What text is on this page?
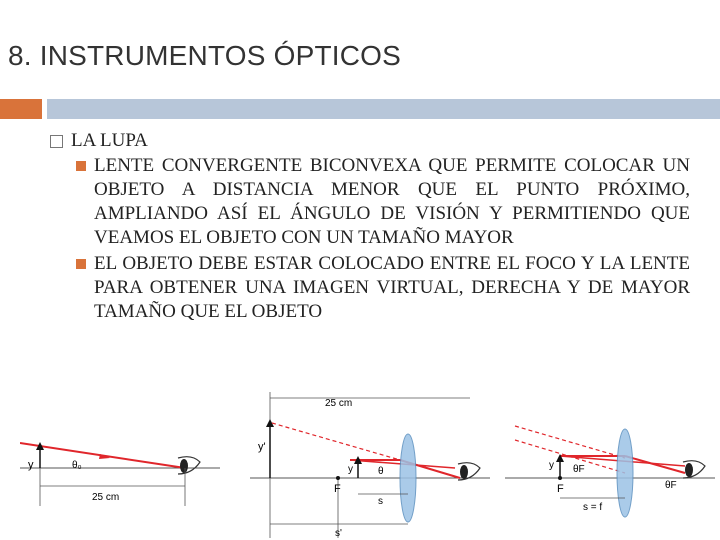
8. INSTRUMENTOS ÓPTICOS
LA LUPA
LENTE CONVERGENTE BICONVEXA QUE PERMITE COLOCAR UN OBJETO A DISTANCIA MENOR QUE EL PUNTO PRÓXIMO, AMPLIANDO ASÍ EL ÁNGULO DE VISIÓN Y PERMITIENDO QUE VEAMOS EL OBJETO CON UN TAMAÑO MAYOR
EL OBJETO DEBE ESTAR COLOCADO ENTRE EL FOCO Y LA LENTE PARA OBTENER UNA IMAGEN VIRTUAL, DERECHA Y DE MAYOR TAMAÑO QUE EL OBJETO
y	θ₀
25 cm
25 cm
y'
y	θ
F
s
s'
y θF
F
s = f
θF
